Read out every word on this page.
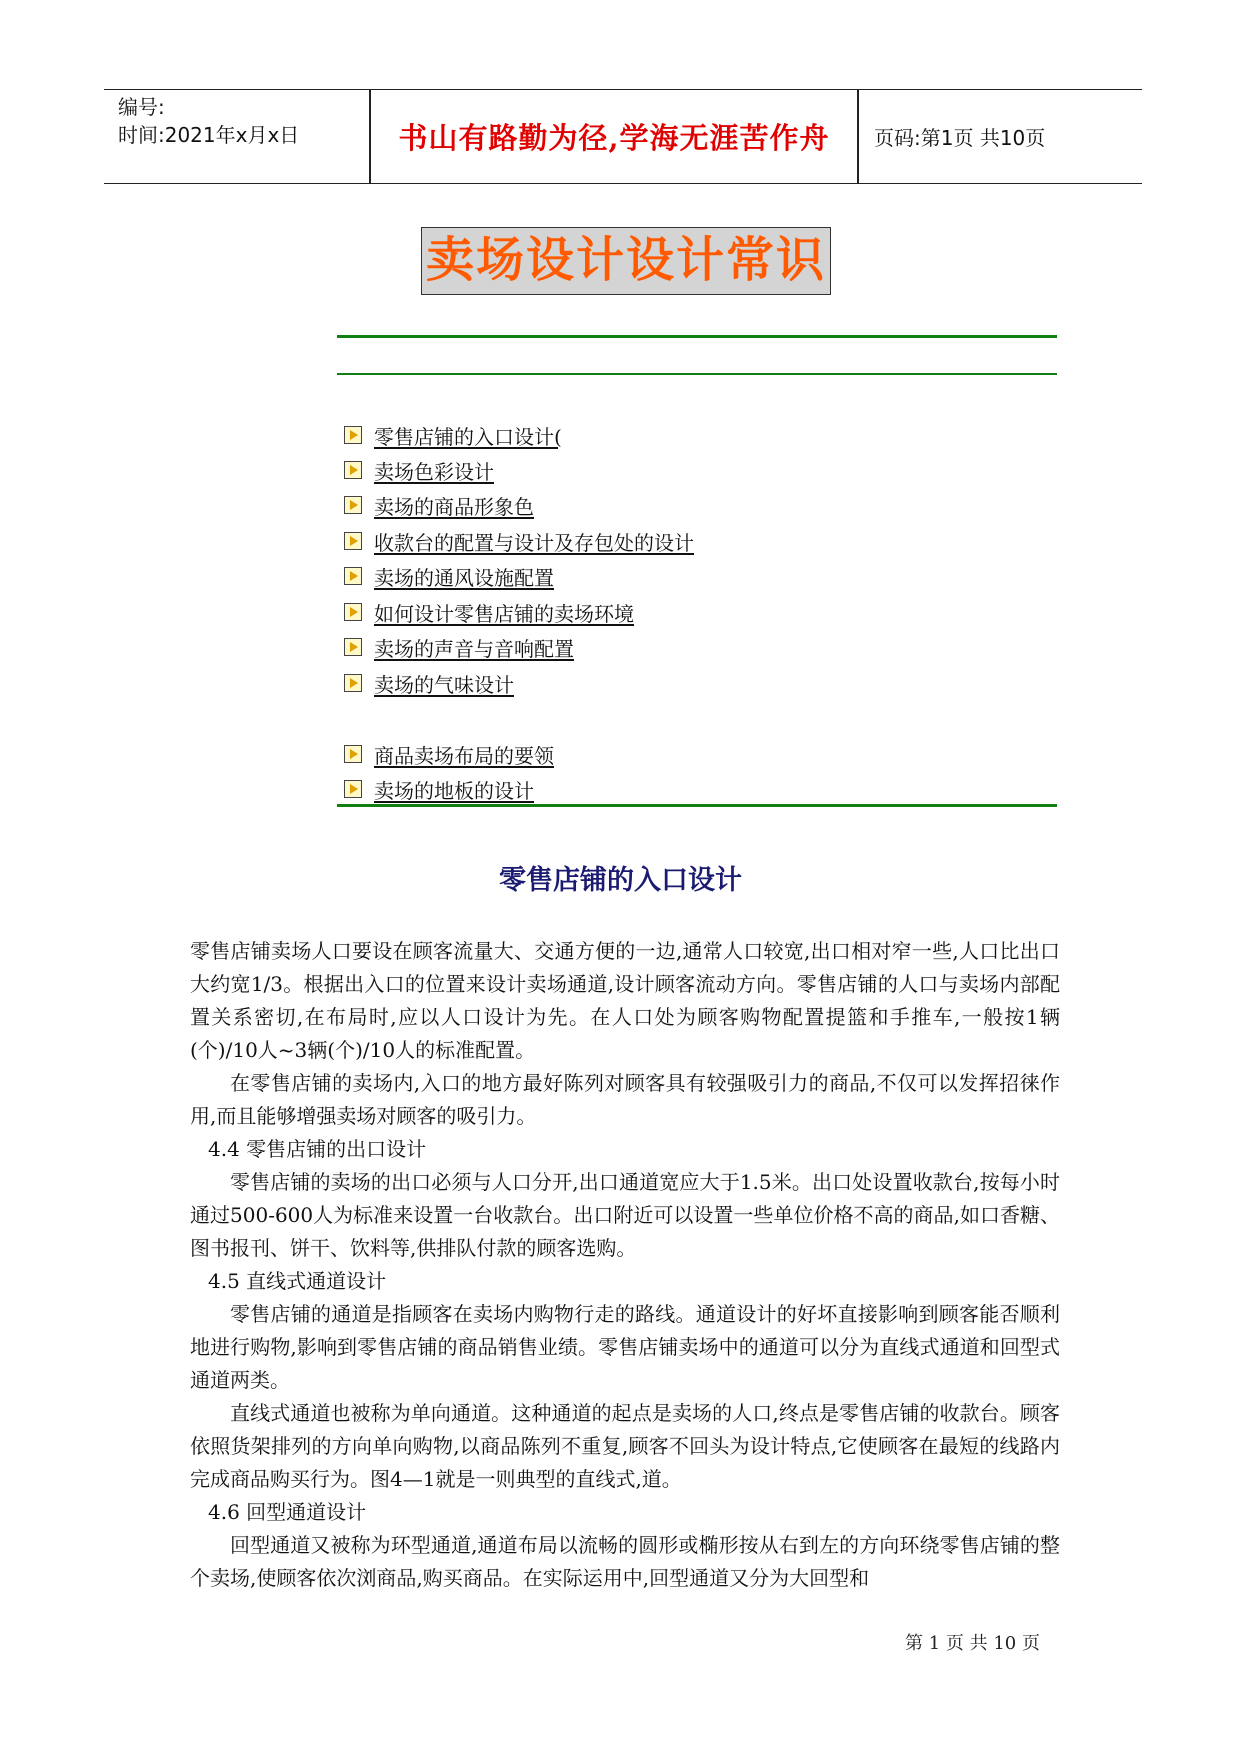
编号:
时间:2021年x月x日	书山有路勤为径,学海无涯苦作舟	页码:第1页 共10页
卖场设计设计常识
零售店铺的入口设计(
卖场色彩设计
卖场的商品形象色
收款台的配置与设计及存包处的设计
卖场的通风设施配置
如何设计零售店铺的卖场环境
卖场的声音与音响配置
卖场的气味设计
商品卖场布局的要领
卖场的地板的设计
零售店铺的入口设计

零售店铺卖场人口要设在顾客流量大、交通方便的一边,通常人口较宽,出口相对窄一些,人口比出口大约宽1/3。根据出入口的位置来设计卖场通道,设计顾客流动方向。零售店铺的人口与卖场内部配置关系密切,在布局时,应以人口设计为先。在人口处为顾客购物配置提篮和手推车,一般按1辆(个)/10人~3辆(个)/10人的标准配置。

在零售店铺的卖场内,入口的地方最好陈列对顾客具有较强吸引力的商品,不仅可以发挥招徕作用,而且能够增强卖场对顾客的吸引力。

4.4 零售店铺的出口设计

零售店铺的卖场的出口必须与人口分开,出口通道宽应大于1.5米。出口处设置收款台,按每小时通过500-600人为标准来设置一台收款台。出口附近可以设置一些单位价格不高的商品,如口香糖、图书报刊、饼干、饮料等,供排队付款的顾客选购。

4.5 直线式通道设计

零售店铺的通道是指顾客在卖场内购物行走的路线。通道设计的好坏直接影响到顾客能否顺利地进行购物,影响到零售店铺的商品销售业绩。零售店铺卖场中的通道可以分为直线式通道和回型式通道两类。

直线式通道也被称为单向通道。这种通道的起点是卖场的人口,终点是零售店铺的收款台。顾客依照货架排列的方向单向购物,以商品陈列不重复,顾客不回头为设计特点,它使顾客在最短的线路内完成商品购买行为。图4—1就是一则典型的直线式,道。

4.6 回型通道设计

回型通道又被称为环型通道,通道布局以流畅的圆形或椭形按从右到左的方向环绕零售店铺的整个卖场,使顾客依次浏商品,购买商品。在实际运用中,回型通道又分为大回型和

第 1 页 共 10 页
